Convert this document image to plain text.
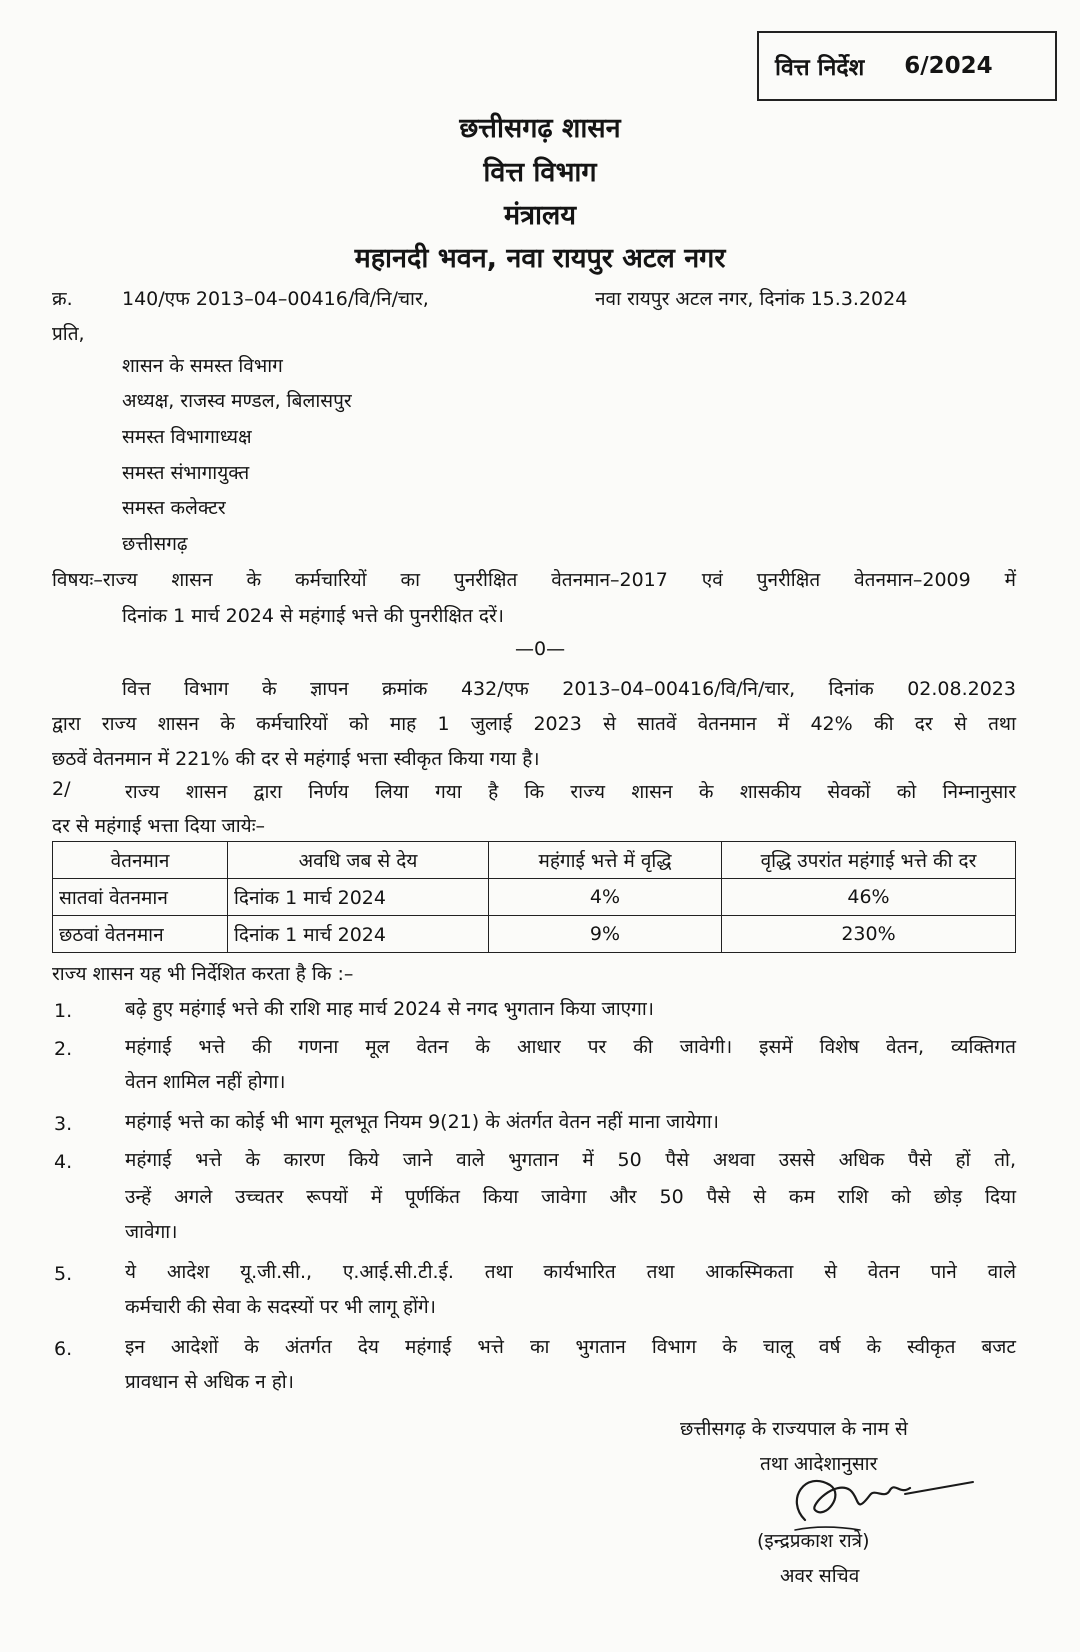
वित्त निर्देश 6/2024
छत्तीसगढ़ शासन
वित्त विभाग
मंत्रालय
महानदी भवन, नवा रायपुर अटल नगर
क्र.	140/एफ 2013–04–00416/वि/नि/चार,	नवा रायपुर अटल नगर, दिनांक 15.3.2024
प्रति,
शासन के समस्त विभाग
अध्यक्ष, राजस्व मण्डल, बिलासपुर
समस्त विभागाध्यक्ष
समस्त संभागायुक्त
समस्त कलेक्टर
छत्तीसगढ़
विषयः–राज्य शासन के कर्मचारियों का पुनरीक्षित वेतनमान–2017 एवं पुनरीक्षित वेतनमान–2009 में
दिनांक 1 मार्च 2024 से महंगाई भत्ते की पुनरीक्षित दरें।
—0—
वित्त विभाग के ज्ञापन क्रमांक 432/एफ 2013–04–00416/वि/नि/चार, दिनांक 02.08.2023
द्वारा राज्य शासन के कर्मचारियों को माह 1 जुलाई 2023 से सातवें वेतनमान में 42% की दर से तथा
छठवें वेतनमान में 221% की दर से महंगाई भत्ता स्वीकृत किया गया है।
2/	राज्य शासन द्वारा निर्णय लिया गया है कि राज्य शासन के शासकीय सेवकों को निम्नानुसार
दर से महंगाई भत्ता दिया जायेः–
वेतनमान	अवधि जब से देय	महंगाई भत्ते में वृद्धि	वृद्धि उपरांत महंगाई भत्ते की दर
सातवां वेतनमान	दिनांक 1 मार्च 2024	4%	46%
छठवां वेतनमान	दिनांक 1 मार्च 2024	9%	230%
राज्य शासन यह भी निर्देशित करता है कि :–
1.	बढ़े हुए महंगाई भत्ते की राशि माह मार्च 2024 से नगद भुगतान किया जाएगा।
2.	महंगाई भत्ते की गणना मूल वेतन के आधार पर की जावेगी। इसमें विशेष वेतन, व्यक्तिगत
वेतन शामिल नहीं होगा।
3.	महंगाई भत्ते का कोई भी भाग मूलभूत नियम 9(21) के अंतर्गत वेतन नहीं माना जायेगा।
4.	महंगाई भत्ते के कारण किये जाने वाले भुगतान में 50 पैसे अथवा उससे अधिक पैसे हों तो,
उन्हें अगले उच्चतर रूपयों में पूर्णकिंत किया जावेगा और 50 पैसे से कम राशि को छोड़ दिया
जावेगा।
5.	ये आदेश यू.जी.सी., ए.आई.सी.टी.ई. तथा कार्यभारित तथा आकस्मिकता से वेतन पाने वाले
कर्मचारी की सेवा के सदस्यों पर भी लागू होंगे।
6.	इन आदेशों के अंतर्गत देय महंगाई भत्ते का भुगतान विभाग के चालू वर्ष के स्वीकृत बजट
प्रावधान से अधिक न हो।
छत्तीसगढ़ के राज्यपाल के नाम से
तथा आदेशानुसार
(इन्द्रप्रकाश रात्रे)
अवर सचिव
